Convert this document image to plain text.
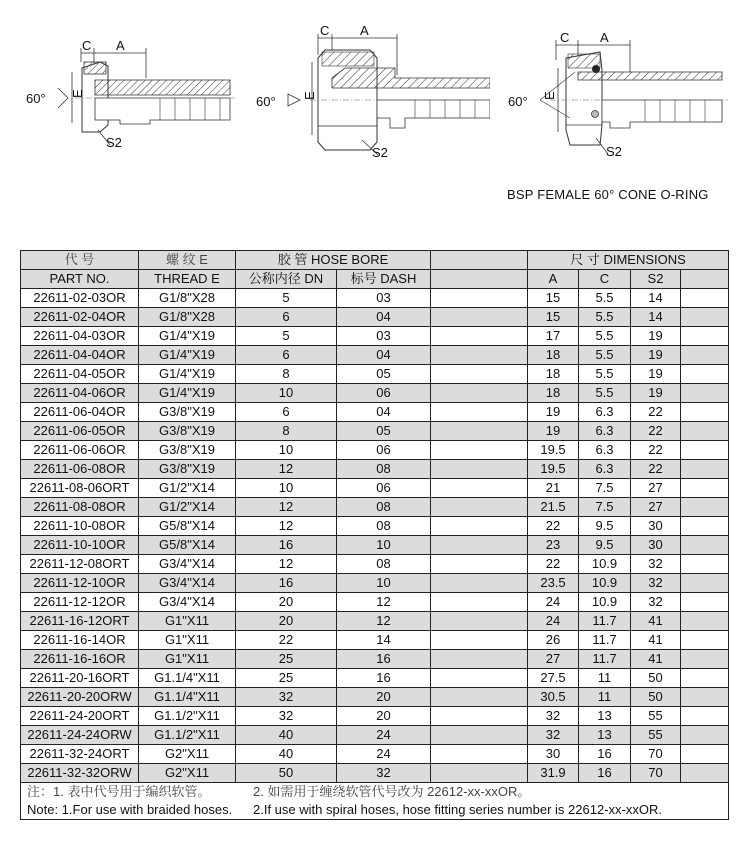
C A
E
60°
S2
C A
E
60°
S2
C A
E
60°
S2
BSP FEMALE 60° CONE O-RING
代 号	螺 纹 E	胶 管 HOSE BORE			尺 寸 DIMENSIONS			
PART NO.	THREAD E	公称内径 DN	标号 DASH		A	C	S2	
22611-02-03OR	G1/8"X28	5	03		15	5.5	14	
22611-02-04OR	G1/8"X28	6	04		15	5.5	14	
22611-04-03OR	G1/4"X19	5	03		17	5.5	19	
22611-04-04OR	G1/4"X19	6	04		18	5.5	19	
22611-04-05OR	G1/4"X19	8	05		18	5.5	19	
22611-04-06OR	G1/4"X19	10	06		18	5.5	19	
22611-06-04OR	G3/8"X19	6	04		19	6.3	22	
22611-06-05OR	G3/8"X19	8	05		19	6.3	22	
22611-06-06OR	G3/8"X19	10	06		19.5	6.3	22	
22611-06-08OR	G3/8"X19	12	08		19.5	6.3	22	
22611-08-06ORT	G1/2"X14	10	06		21	7.5	27	
22611-08-08OR	G1/2"X14	12	08		21.5	7.5	27	
22611-10-08OR	G5/8"X14	12	08		22	9.5	30	
22611-10-10OR	G5/8"X14	16	10		23	9.5	30	
22611-12-08ORT	G3/4"X14	12	08		22	10.9	32	
22611-12-10OR	G3/4"X14	16	10		23.5	10.9	32	
22611-12-12OR	G3/4"X14	20	12		24	10.9	32	
22611-16-12ORT	G1"X11	20	12		24	11.7	41	
22611-16-14OR	G1"X11	22	14		26	11.7	41	
22611-16-16OR	G1"X11	25	16		27	11.7	41	
22611-20-16ORT	G1.1/4"X11	25	16		27.5	11	50	
22611-20-20ORW	G1.1/4"X11	32	20		30.5	11	50	
22611-24-20ORT	G1.1/2"X11	32	20		32	13	55	
22611-24-24ORW	G1.1/2"X11	40	24		32	13	55	
22611-32-24ORT	G2"X11	40	24		30	16	70	
22611-32-32ORW	G2"X11	50	32		31.9	16	70	

注：1. 表中代号用于编织软管。 2. 如需用于缠绕软管代号改为 22612-xx-xxOR。
Note: 1.For use with braided hoses. 2.If use with spiral hoses, hose fitting series number is 22612-xx-xxOR.								
